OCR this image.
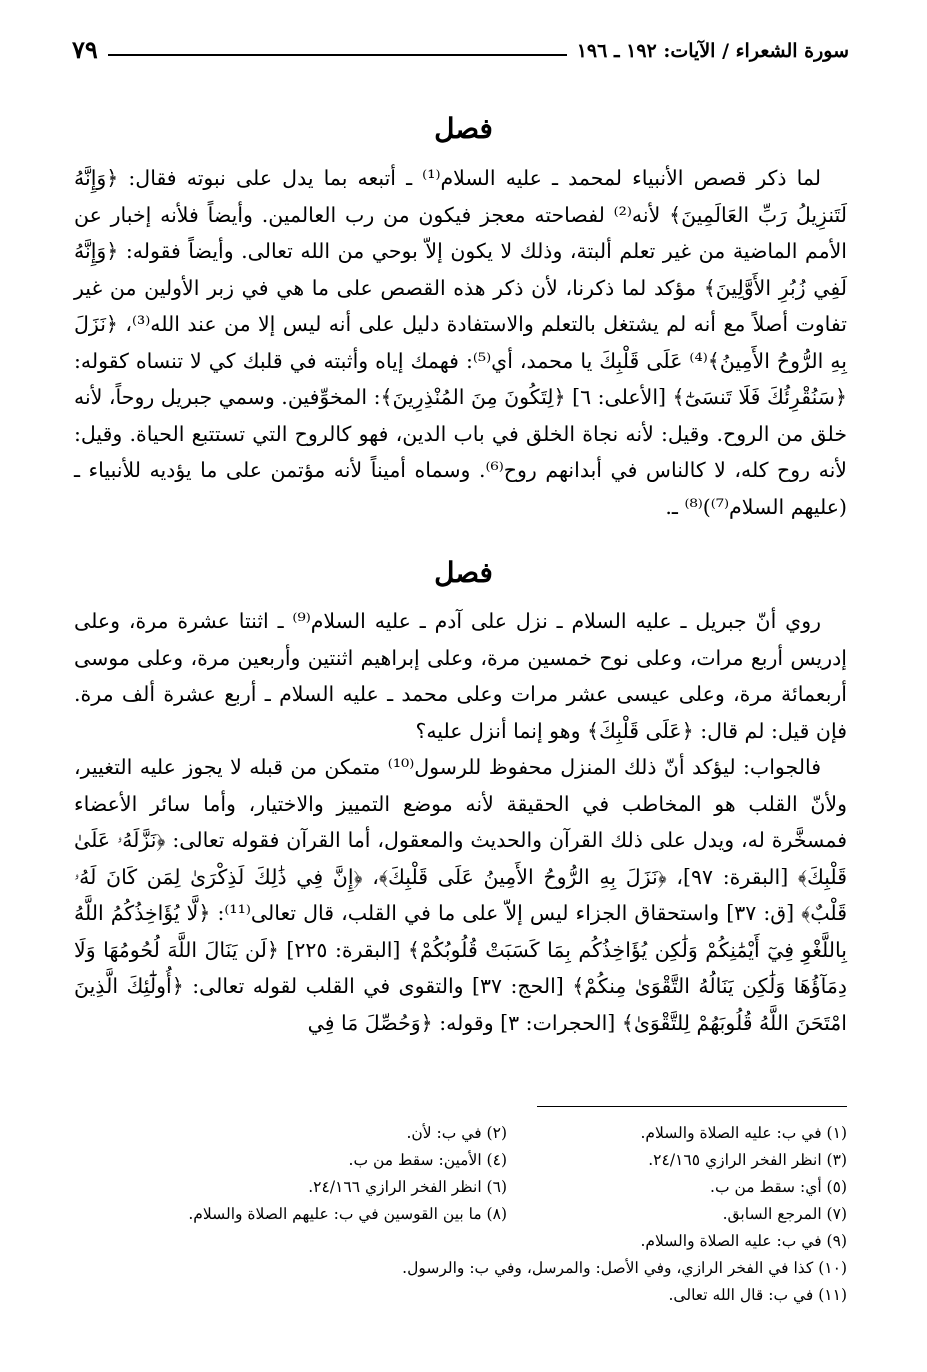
سورة الشعراء / الآيات: ١٩٢ ـ ١٩٦
٧٩
فصل

لما ذكر قصص الأنبياء لمحمد ـ عليه السلام⁽¹⁾ ـ أتبعه بما يدل على نبوته فقال: ﴿وَإِنَّهُ لَتَنزِيلُ رَبِّ العَالَمِينَ﴾ لأنه⁽²⁾ لفصاحته معجز فيكون من رب العالمين. وأيضاً فلأنه إخبار عن الأمم الماضية من غير تعلم ألبتة، وذلك لا يكون إلاّ بوحي من الله تعالى. وأيضاً فقوله: ﴿وَإِنَّهُ لَفِي زُبُرِ الأَوَّلِينَ﴾ مؤكد لما ذكرنا، لأن ذكر هذه القصص على ما هي في زبر الأولين من غير تفاوت أصلاً مع أنه لم يشتغل بالتعلم والاستفادة دليل على أنه ليس إلا من عند الله⁽³⁾، ﴿نَزَلَ بِهِ الرُّوحُ الأَمِينُ﴾⁽⁴⁾ عَلَى قَلْبِكَ يا محمد، أي⁽⁵⁾: فهمك إياه وأثبته في قلبك كي لا تنساه كقوله: ﴿سَنُقْرِئُكَ فَلَا تَنسَىٰٓ﴾ [الأعلى: ٦] ﴿لِتَكُونَ مِنَ المُنْذِرِينَ﴾: المخوِّفين. وسمي جبريل روحاً، لأنه خلق من الروح. وقيل: لأنه نجاة الخلق في باب الدين، فهو كالروح التي تستتبع الحياة. وقيل: لأنه روح كله، لا كالناس في أبدانهم روح⁽⁶⁾. وسماه أميناً لأنه مؤتمن على ما يؤديه للأنبياء ـ (عليهم السلام⁽⁷⁾)⁽⁸⁾ ـ.

فصل

روي أنّ جبريل ـ عليه السلام ـ نزل على آدم ـ عليه السلام⁽⁹⁾ ـ اثنتا عشرة مرة، وعلى إدريس أربع مرات، وعلى نوح خمسين مرة، وعلى إبراهيم اثنتين وأربعين مرة، وعلى موسى أربعمائة مرة، وعلى عيسى عشر مرات وعلى محمد ـ عليه السلام ـ أربع عشرة ألف مرة. فإن قيل: لم قال: ﴿عَلَى قَلْبِكَ﴾ وهو إنما أنزل عليه؟

فالجواب: ليؤكد أنّ ذلك المنزل محفوظ للرسول⁽¹⁰⁾ متمكن من قبله لا يجوز عليه التغيير، ولأنّ القلب هو المخاطب في الحقيقة لأنه موضع التمييز والاختيار، وأما سائر الأعضاء فمسخَّرة له، ويدل على ذلك القرآن والحديث والمعقول، أما القرآن فقوله تعالى: ﴿نَزَّلَهُۥ عَلَىٰ قَلْبِكَ﴾ [البقرة: ٩٧]، ﴿نَزَلَ بِهِ الرُّوحُ الأَمِينُ عَلَى قَلْبِكَ﴾، ﴿إِنَّ فِي ذَٰلِكَ لَذِكْرَىٰ لِمَن كَانَ لَهُۥ قَلْبٌ﴾ [ق: ٣٧] واستحقاق الجزاء ليس إلاّ على ما في القلب، قال تعالى⁽¹¹⁾: ﴿لَّا يُؤَاخِذُكُمُ اللَّهُ بِاللَّغْوِ فِيٓ أَيْمَٰنِكُمْ وَلَٰكِن يُؤَاخِذُكُم بِمَا كَسَبَتْ قُلُوبُكُمْ﴾ [البقرة: ٢٢٥] ﴿لَن يَنَالَ اللَّهَ لُحُومُهَا وَلَا دِمَآؤُهَا وَلَٰكِن يَنَالُهُ التَّقْوَىٰ مِنكُمْ﴾ [الحج: ٣٧] والتقوى في القلب لقوله تعالى: ﴿أُولَٰٓئِكَ الَّذِينَ امْتَحَنَ اللَّهُ قُلُوبَهُمْ لِلتَّقْوَىٰ﴾ [الحجرات: ٣] وقوله: ﴿وَحُصِّلَ مَا فِي

(١) في ب: عليه الصلاة والسلام.
(٢) في ب: لأن.
(٣) انظر الفخر الرازي ٢٤/١٦٥.
(٤) الأمين: سقط من ب.
(٥) أي: سقط من ب.
(٦) انظر الفخر الرازي ٢٤/١٦٦.
(٧) المرجع السابق.
(٨) ما بين القوسين في ب: عليهم الصلاة والسلام.
(٩) في ب: عليه الصلاة والسلام.
(١٠) كذا في الفخر الرازي، وفي الأصل: والمرسل، وفي ب: والرسول.
(١١) في ب: قال الله تعالى.
